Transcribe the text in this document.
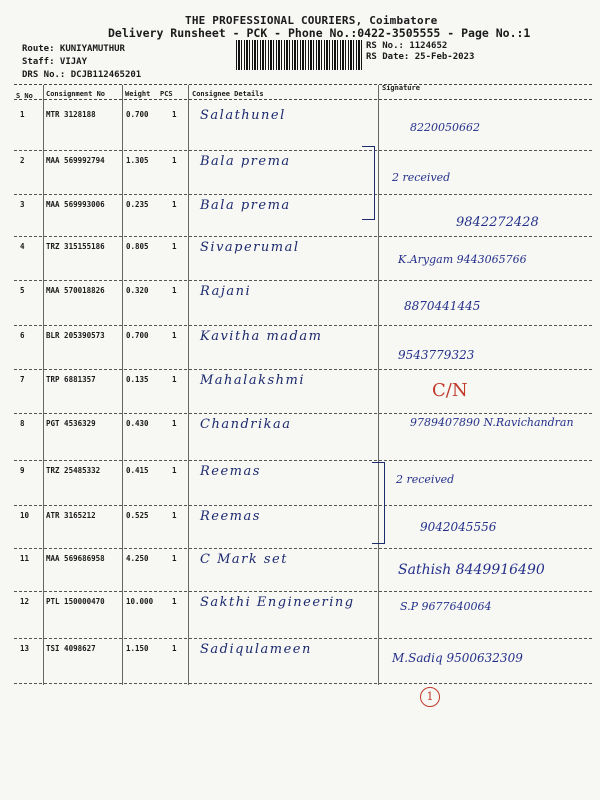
THE PROFESSIONAL COURIERS, Coimbatore
Delivery Runsheet - PCK - Phone No.:0422-3505555 - Page No.:1
Route: KUNIYAMUTHUR
Staff: VIJAY
DRS No.: DCJB112465201
RS No.: 1124652
RS Date: 25-Feb-2023
S No Consignment No	Weight PCS	Consignee Details
Signature
1	MTR 3128188	0.700	1 Salathunel
8220050662
2	MAA 569992794	1.305	1 Bala prema
2 received
3	MAA 569993006	0.235	1 Bala prema
9842272428
4	TRZ 315155186	0.805	1 Sivaperumal
K.Arygam 9443065766
5	MAA 570018826	0.320	1 Rajani
8870441445
6	BLR 205390573	0.700	1 Kavitha madam
9543779323
7	TRP 6881357	0.135	1 Mahalakshmi	C/N
8	PGT 4536329	0.430	1 Chandrikaa	9789407890 N.Ravichandran
9	TRZ 25485332	0.415	1 Reemas
2 received
10 ATR 3165212	0.525	1 Reemas
9042045556
11 MAA 569686958	4.250	1 C Mark set
Sathish 8449916490
12 PTL 150000470	10.000	1 Sakthi Engineering	S.P 9677640064
13 TSI 4098627	1.150	1 Sadiqulameen
M.Sadiq 9500632309
1
